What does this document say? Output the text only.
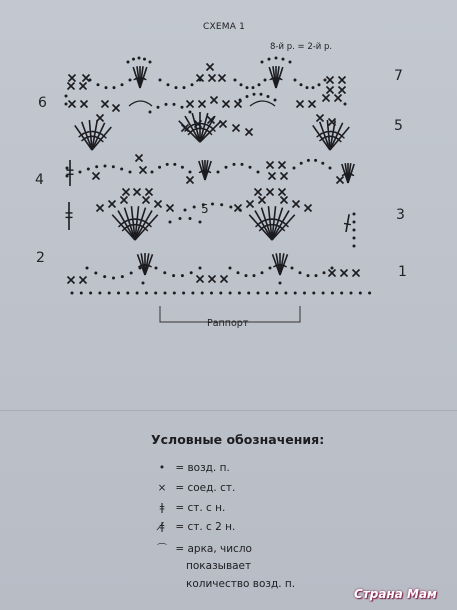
СХЕМА 1
8-й р. = 2-й р.
6
4
2
7
5
3
1
5
Раппорт
Условные обозначения:
• = возд. п.
× = соед. ст.
ǂ = ст. с н.
ǂ̸ = ст. с 2 н.
⌒ = арка, число
показывает
количество возд. п.
Страна Мам
